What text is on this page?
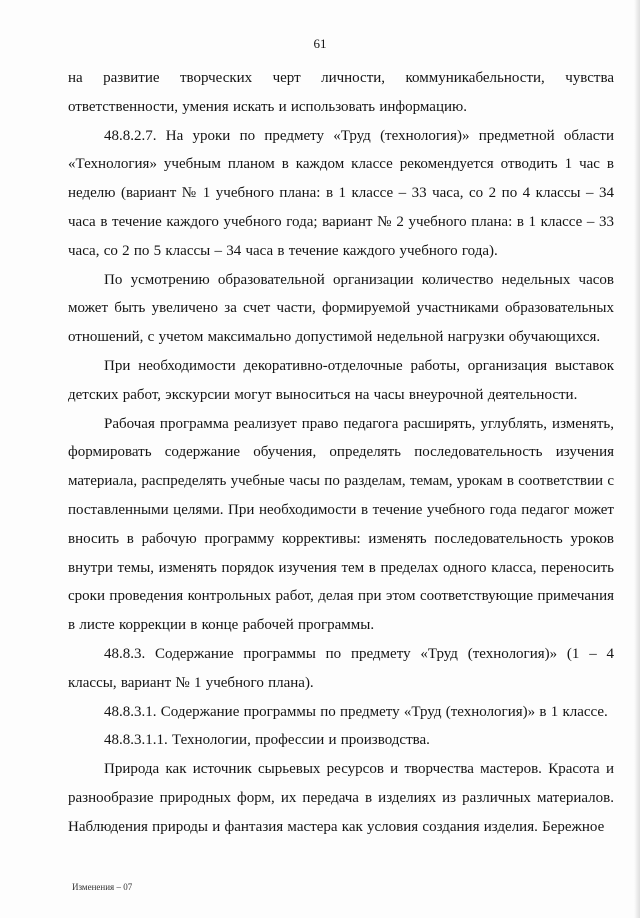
61

на развитие творческих черт личности, коммуникабельности, чувства ответственности, умения искать и использовать информацию.

48.8.2.7. На уроки по предмету «Труд (технология)» предметной области «Технология» учебным планом в каждом классе рекомендуется отводить 1 час в неделю (вариант № 1 учебного плана: в 1 классе – 33 часа, со 2 по 4 классы – 34 часа в течение каждого учебного года; вариант № 2 учебного плана: в 1 классе – 33 часа, со 2 по 5 классы – 34 часа в течение каждого учебного года).

По усмотрению образовательной организации количество недельных часов может быть увеличено за счет части, формируемой участниками образовательных отношений, с учетом максимально допустимой недельной нагрузки обучающихся.

При необходимости декоративно-отделочные работы, организация выставок детских работ, экскурсии могут выноситься на часы внеурочной деятельности.

Рабочая программа реализует право педагога расширять, углублять, изменять, формировать содержание обучения, определять последовательность изучения материала, распределять учебные часы по разделам, темам, урокам в соответствии с поставленными целями. При необходимости в течение учебного года педагог может вносить в рабочую программу коррективы: изменять последовательность уроков внутри темы, изменять порядок изучения тем в пределах одного класса, переносить сроки проведения контрольных работ, делая при этом соответствующие примечания в листе коррекции в конце рабочей программы.

48.8.3. Содержание программы по предмету «Труд (технология)» (1 – 4 классы, вариант № 1 учебного плана).

48.8.3.1. Содержание программы по предмету «Труд (технология)» в 1 классе.

48.8.3.1.1. Технологии, профессии и производства.

Природа как источник сырьевых ресурсов и творчества мастеров. Красота и разнообразие природных форм, их передача в изделиях из различных материалов. Наблюдения природы и фантазия мастера как условия создания изделия. Бережное

Изменения – 07
